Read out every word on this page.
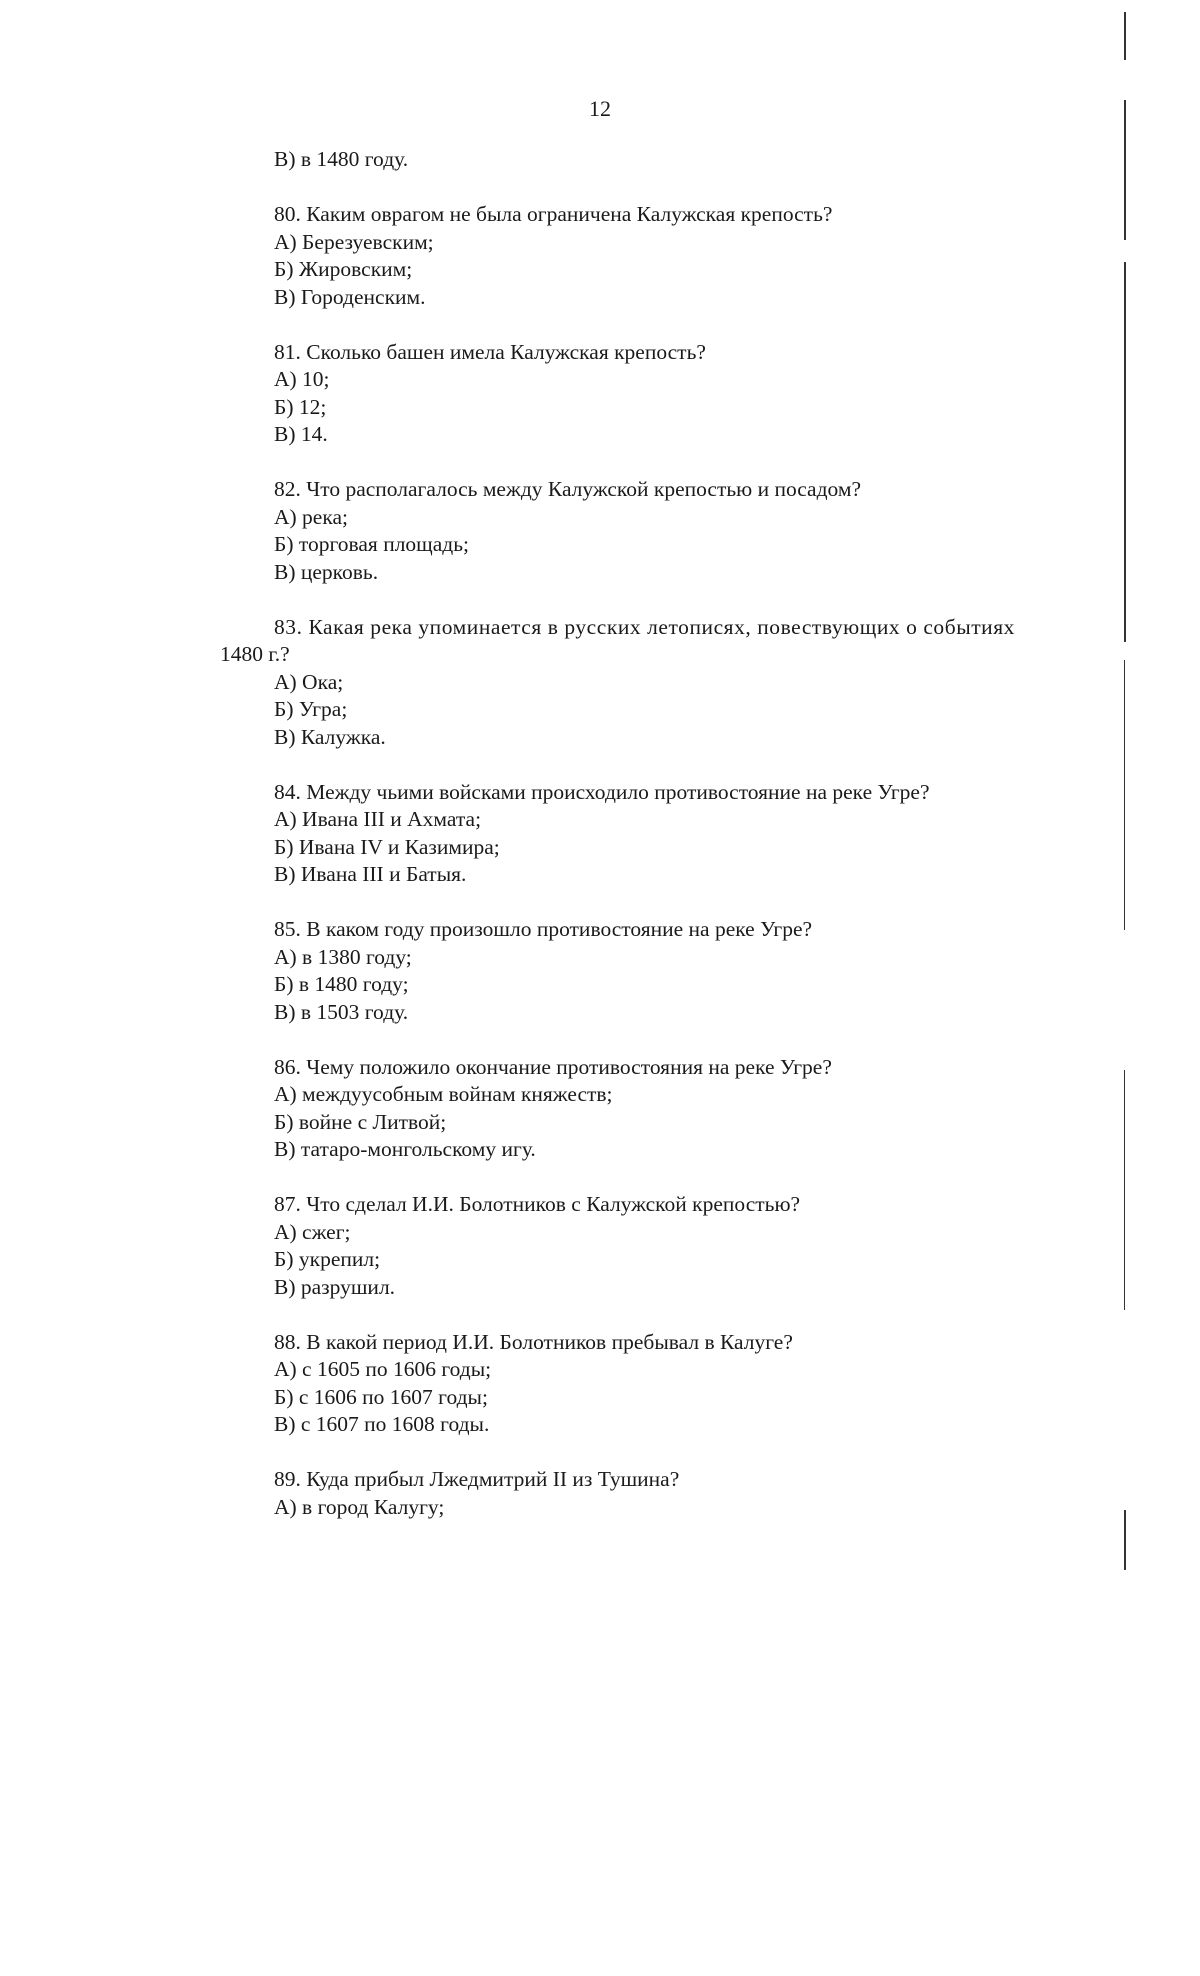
12
В) в 1480 году.
80. Каким оврагом не была ограничена Калужская крепость?
А) Березуевским;
Б) Жировским;
В) Городенским.
81. Сколько башен имела Калужская крепость?
А) 10;
Б) 12;
В) 14.
82. Что располагалось между Калужской крепостью и посадом?
А) река;
Б) торговая площадь;
В) церковь.
83. Какая река упоминается в русских летописях, повествующих о событиях
1480 г.?
А) Ока;
Б) Угра;
В) Калужка.
84. Между чьими войсками происходило противостояние на реке Угре?
А) Ивана III и Ахмата;
Б) Ивана IV и Казимира;
В) Ивана III и Батыя.
85. В каком году произошло противостояние на реке Угре?
А) в 1380 году;
Б) в 1480 году;
В) в 1503 году.
86. Чему положило окончание противостояния на реке Угре?
А) междуусобным войнам княжеств;
Б) войне с Литвой;
В) татаро-монгольскому игу.
87. Что сделал И.И. Болотников с Калужской крепостью?
А) сжег;
Б) укрепил;
В) разрушил.
88. В какой период И.И. Болотников пребывал в Калуге?
А) с 1605 по 1606 годы;
Б) с 1606 по 1607 годы;
В) с 1607 по 1608 годы.
89. Куда прибыл Лжедмитрий II из Тушина?
А) в город Калугу;
